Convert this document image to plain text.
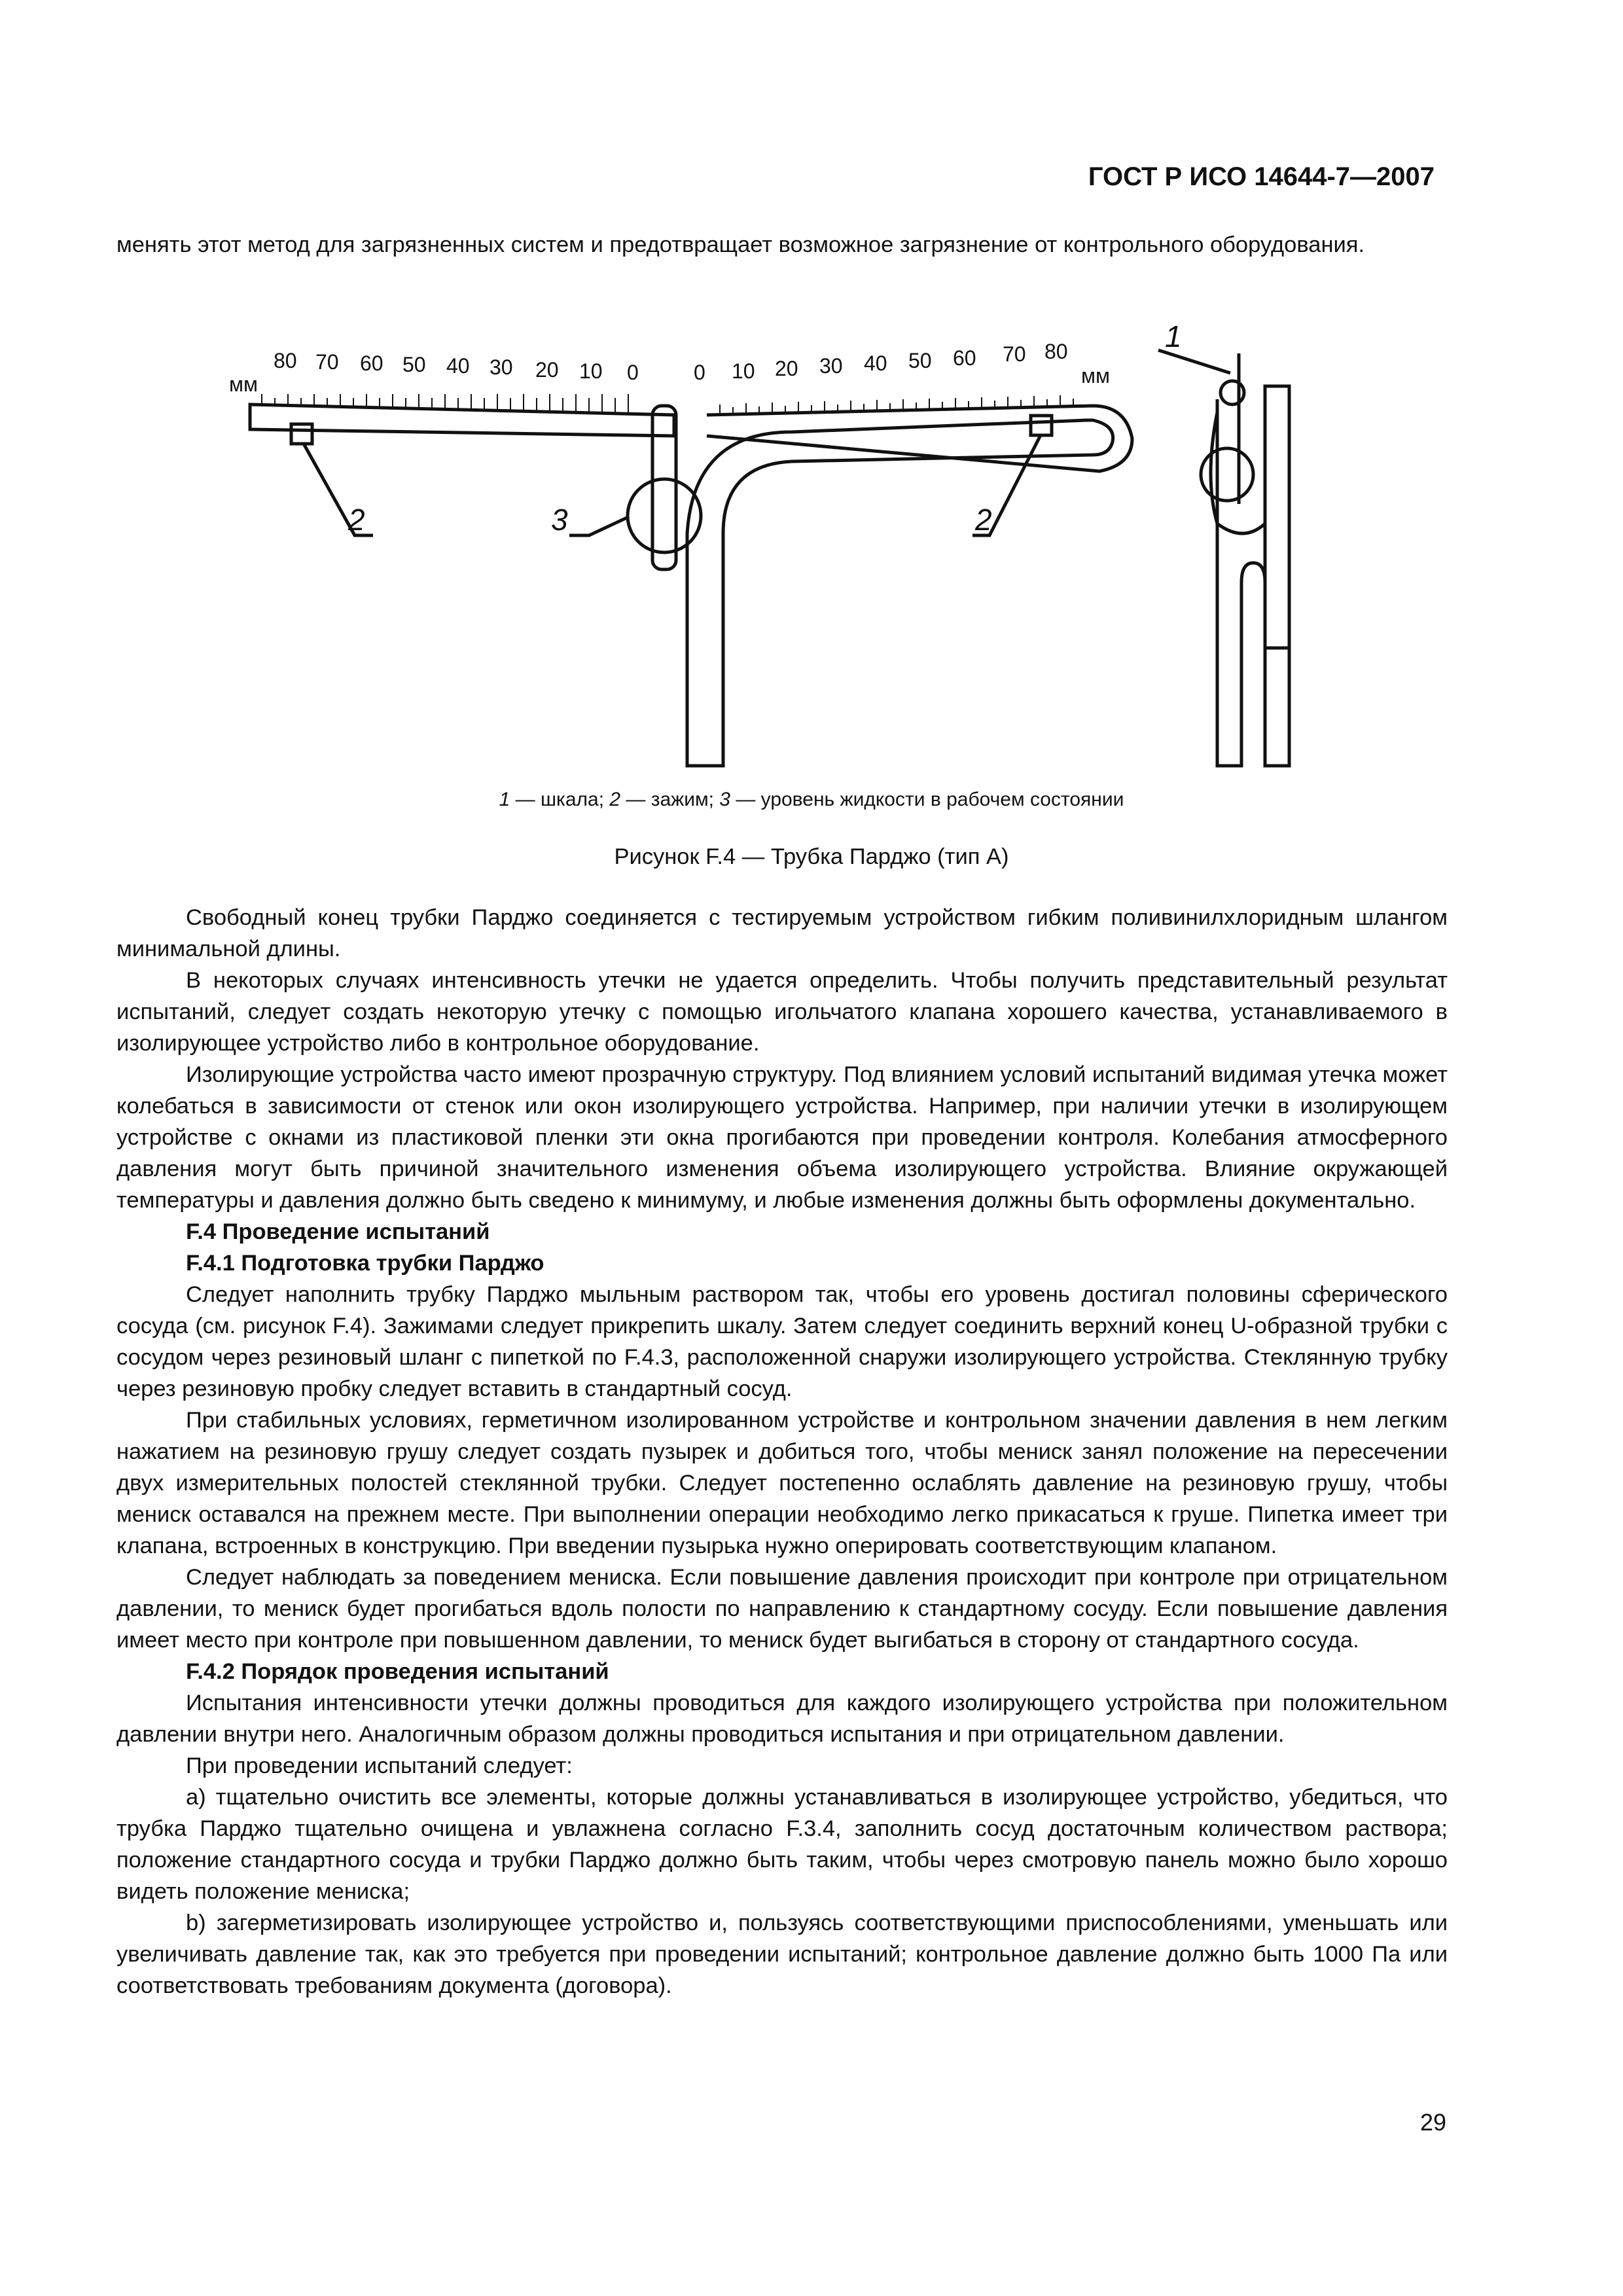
ГОСТ Р ИСО 14644-7—2007

менять этот метод для загрязненных систем и предотвращает возможное загрязнение от контрольного оборудования.

мм
80 70 60 50 40 30 20 10 0	0 10 20 30 40 50 60 70 80
мм
2	3	2
1
1 — шкала; 2 — зажим; 3 — уровень жидкости в рабочем состоянии
Рисунок F.4 — Трубка Парджо (тип А)

Свободный конец трубки Парджо соединяется с тестируемым устройством гибким поливинилхлоридным шлангом минимальной длины.

В некоторых случаях интенсивность утечки не удается определить. Чтобы получить представительный результат испытаний, следует создать некоторую утечку с помощью игольчатого клапана хорошего качества, устанавливаемого в изолирующее устройство либо в контрольное оборудование.

Изолирующие устройства часто имеют прозрачную структуру. Под влиянием условий испытаний видимая утечка может колебаться в зависимости от стенок или окон изолирующего устройства. Например, при наличии утечки в изолирующем устройстве с окнами из пластиковой пленки эти окна прогибаются при проведении контроля. Колебания атмосферного давления могут быть причиной значительного изменения объема изолирующего устройства. Влияние окружающей температуры и давления должно быть сведено к минимуму, и любые изменения должны быть оформлены документально.

F.4 Проведение испытаний
F.4.1 Подготовка трубки Парджо

Следует наполнить трубку Парджо мыльным раствором так, чтобы его уровень достигал половины сферического сосуда (см. рисунок F.4). Зажимами следует прикрепить шкалу. Затем следует соединить верхний конец U-образной трубки с сосудом через резиновый шланг с пипеткой по F.4.3, расположенной снаружи изолирующего устройства. Стеклянную трубку через резиновую пробку следует вставить в стандартный сосуд.

При стабильных условиях, герметичном изолированном устройстве и контрольном значении давления в нем легким нажатием на резиновую грушу следует создать пузырек и добиться того, чтобы мениск занял положение на пересечении двух измерительных полостей стеклянной трубки. Следует постепенно ослаблять давление на резиновую грушу, чтобы мениск оставался на прежнем месте. При выполнении операции необходимо легко прикасаться к груше. Пипетка имеет три клапана, встроенных в конструкцию. При введении пузырька нужно оперировать соответствующим клапаном.

Следует наблюдать за поведением мениска. Если повышение давления происходит при контроле при отрицательном давлении, то мениск будет прогибаться вдоль полости по направлению к стандартному сосуду. Если повышение давления имеет место при контроле при повышенном давлении, то мениск будет выгибаться в сторону от стандартного сосуда.

F.4.2 Порядок проведения испытаний

Испытания интенсивности утечки должны проводиться для каждого изолирующего устройства при положительном давлении внутри него. Аналогичным образом должны проводиться испытания и при отрицательном давлении.

При проведении испытаний следует:

a) тщательно очистить все элементы, которые должны устанавливаться в изолирующее устройство, убедиться, что трубка Парджо тщательно очищена и увлажнена согласно F.3.4, заполнить сосуд достаточным количеством раствора; положение стандартного сосуда и трубки Парджо должно быть таким, чтобы через смотровую панель можно было хорошо видеть положение мениска;

b) загерметизировать изолирующее устройство и, пользуясь соответствующими приспособлениями, уменьшать или увеличивать давление так, как это требуется при проведении испытаний; контрольное давление должно быть 1000 Па или соответствовать требованиям документа (договора).

29
